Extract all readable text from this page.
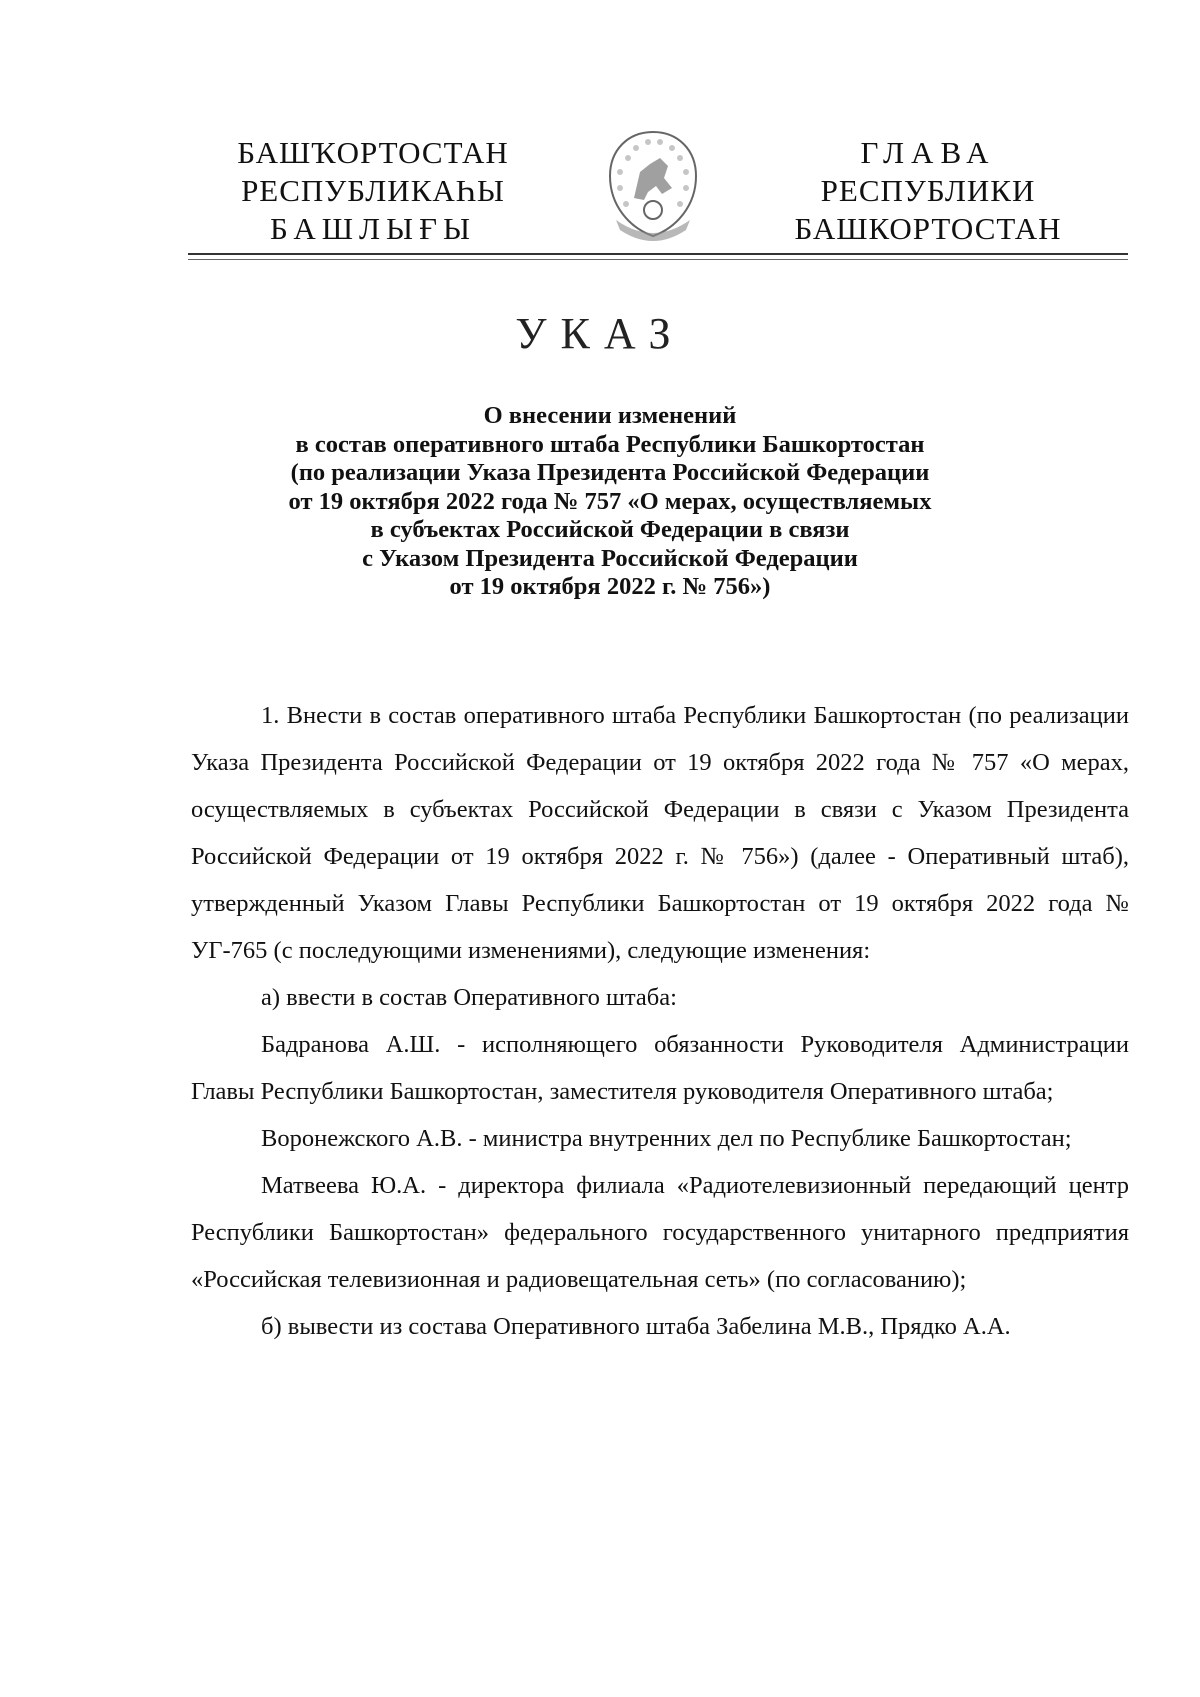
БАШҠОРТОСТАН
РЕСПУБЛИКАҺЫ
БАШЛЫҒЫ
ГЛАВА
РЕСПУБЛИКИ
БАШКОРТОСТАН
УКАЗ
О внесении изменений
в состав оперативного штаба Республики Башкортостан
(по реализации Указа Президента Российской Федерации
от 19 октября 2022 года № 757 «О мерах, осуществляемых
в субъектах Российской Федерации в связи
с Указом Президента Российской Федерации
от 19 октября 2022 г. № 756»)

1. Внести в состав оперативного штаба Республики Башкортостан (по реализации Указа Президента Российской Федерации от 19 октября 2022 года № 757 «О мерах, осуществляемых в субъектах Российской Федерации в связи с Указом Президента Российской Федерации от 19 октября 2022 г. № 756») (далее - Оперативный штаб), утвержденный Указом Главы Республики Башкортостан от 19 октября 2022 года № УГ-765 (с последующими изменениями), следующие изменения:

а) ввести в состав Оперативного штаба:

Бадранова А.Ш. - исполняющего обязанности Руководителя Администрации Главы Республики Башкортостан, заместителя руководителя Оперативного штаба;

Воронежского А.В. - министра внутренних дел по Республике Башкортостан;

Матвеева Ю.А. - директора филиала «Радиотелевизионный передающий центр Республики Башкортостан» федерального государственного унитарного предприятия «Российская телевизионная и радиовещательная сеть» (по согласованию);

б) вывести из состава Оперативного штаба Забелина М.В., Прядко А.А.
